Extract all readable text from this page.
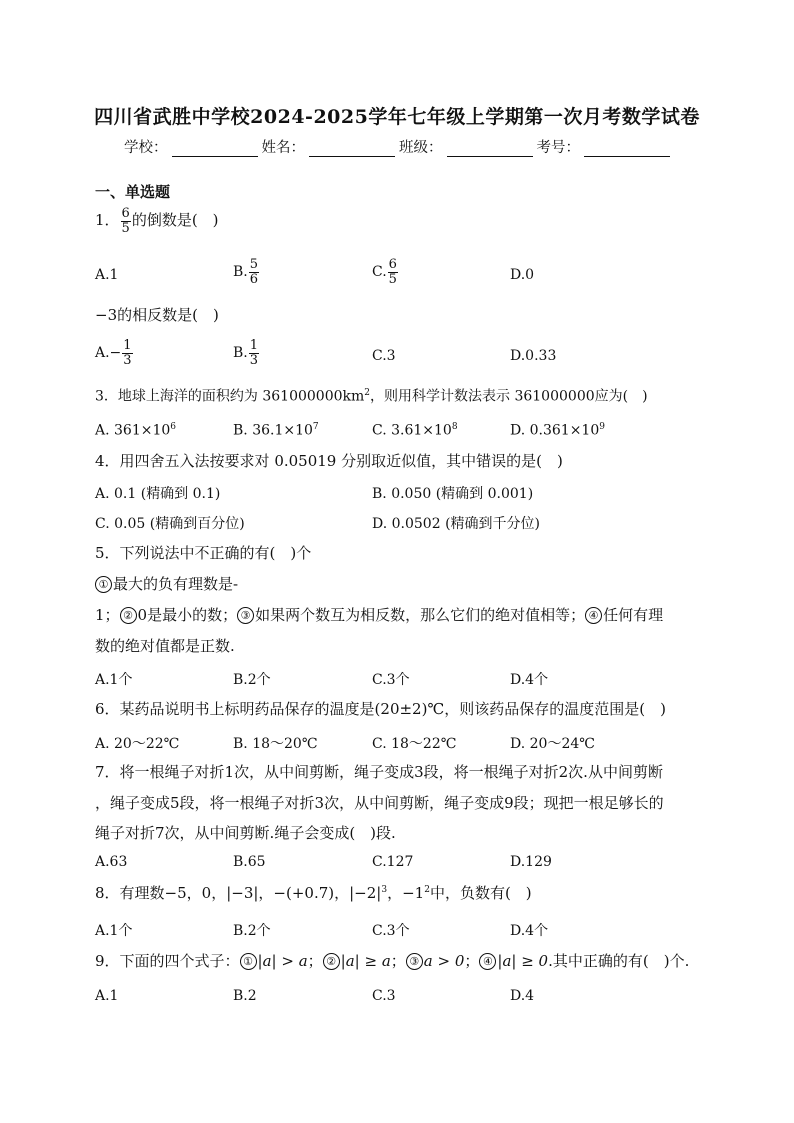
四川省武胜中学校2024-2025学年七年级上学期第一次月考数学试卷
学校：	姓名：	班级：	考号：
一、单选题
1． $\frac{6}{5}$ 的倒数是(　)
A.1	B. $\frac{5}{6}$	C. $\frac{6}{5}$	D.0
−3的相反数是(　)
$A.- \frac{1}{3}$	B. $\frac{1}{3}$	C.3	D.0.33
3．地球上海洋的面积约为 $361000000km^2$，则用科学计数法表示 361000000应为(　)
A. $361\times 10^6$	B. $36.1\times 10^7$	C. $3.61\times 10^8$	D. $0.361\times 10^9$
4．用四舍五入法按要求对 0.05019 分别取近似值，其中错误的是(　)
A. 0.1 (精确到 0.1)	B. 0.050 (精确到 0.001)
C. 0.05 (精确到百分位)	D. 0.0502 (精确到千分位)
5．下列说法中不正确的有(　)个
① 最大的负有理数是-
1； ② 0是最小的数； ③ 如果两个数互为相反数，那么它们的绝对值相等； ④ 任何有理
数的绝对值都是正数.
A.1个	B.2个	C.3个	D.4个
6．某药品说明书上标明药品保存的温度是(20±2)℃，则该药品保存的温度范围是(　)
A. 20～22℃	B. 18～20℃	C. 18～22℃	D. 20～24℃
7．将一根绳子对折1次，从中间剪断，绳子变成3段，将一根绳子对折2次.从中间剪断
，绳子变成5段，将一根绳子对折3次，从中间剪断，绳子变成9段；现把一根足够长的
绳子对折7次，从中间剪断.绳子会变成(　)段.
A.63	B.65	C.127	D.129
8．有理数−5，0，|−3|，−(+0.7)，$|-2|^3$，$-1^2$中，负数有(　)
A.1个	B.2个	C.3个	D.4个
9．下面的四个式子： ① |a| > a； ② |a| ≥ a； ③ a > 0； ④ |a| ≥ 0.其中正确的有(　)个.
A.1	B.2	C.3	D.4
